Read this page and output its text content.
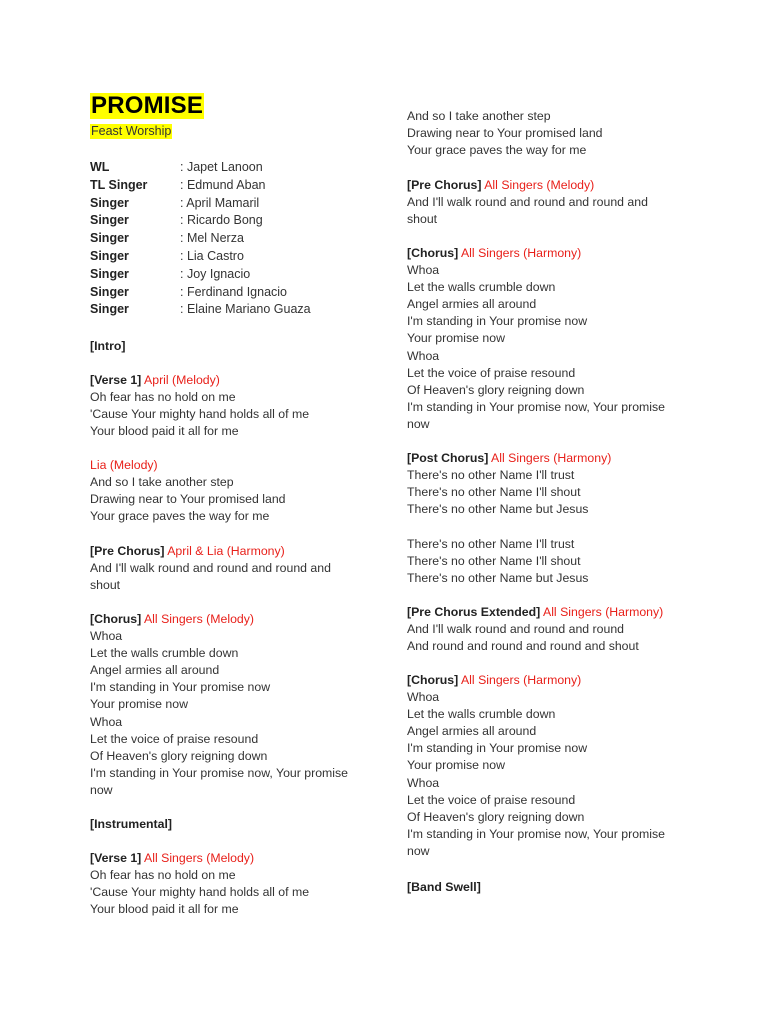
PROMISE
Feast Worship
WL	: Japet Lanoon
TL Singer	: Edmund Aban
Singer	: April Mamaril
Singer	: Ricardo Bong
Singer	: Mel Nerza
Singer	: Lia Castro
Singer	: Joy Ignacio
Singer	: Ferdinand Ignacio
Singer	: Elaine Mariano Guaza
[Intro]
[Verse 1] April (Melody)
Oh fear has no hold on me
'Cause Your mighty hand holds all of me
Your blood paid it all for me
Lia (Melody)
And so I take another step
Drawing near to Your promised land
Your grace paves the way for me
[Pre Chorus] April & Lia (Harmony)
And I'll walk round and round and round and shout
[Chorus] All Singers (Melody)
Whoa
Let the walls crumble down
Angel armies all around
I'm standing in Your promise now
Your promise now
Whoa
Let the voice of praise resound
Of Heaven's glory reigning down
I'm standing in Your promise now, Your promise now
[Instrumental]
[Verse 1] All Singers (Melody)
Oh fear has no hold on me
'Cause Your mighty hand holds all of me
Your blood paid it all for me
And so I take another step
Drawing near to Your promised land
Your grace paves the way for me
[Pre Chorus] All Singers (Melody)
And I'll walk round and round and round and shout
[Chorus] All Singers (Harmony)
Whoa
Let the walls crumble down
Angel armies all around
I'm standing in Your promise now
Your promise now
Whoa
Let the voice of praise resound
Of Heaven's glory reigning down
I'm standing in Your promise now, Your promise now
[Post Chorus] All Singers (Harmony)
There's no other Name I'll trust
There's no other Name I'll shout
There's no other Name but Jesus
There's no other Name I'll trust
There's no other Name I'll shout
There's no other Name but Jesus
[Pre Chorus Extended] All Singers (Harmony)
And I'll walk round and round and round
And round and round and round and shout
[Chorus] All Singers (Harmony)
Whoa
Let the walls crumble down
Angel armies all around
I'm standing in Your promise now
Your promise now
Whoa
Let the voice of praise resound
Of Heaven's glory reigning down
I'm standing in Your promise now, Your promise now
[Band Swell]
